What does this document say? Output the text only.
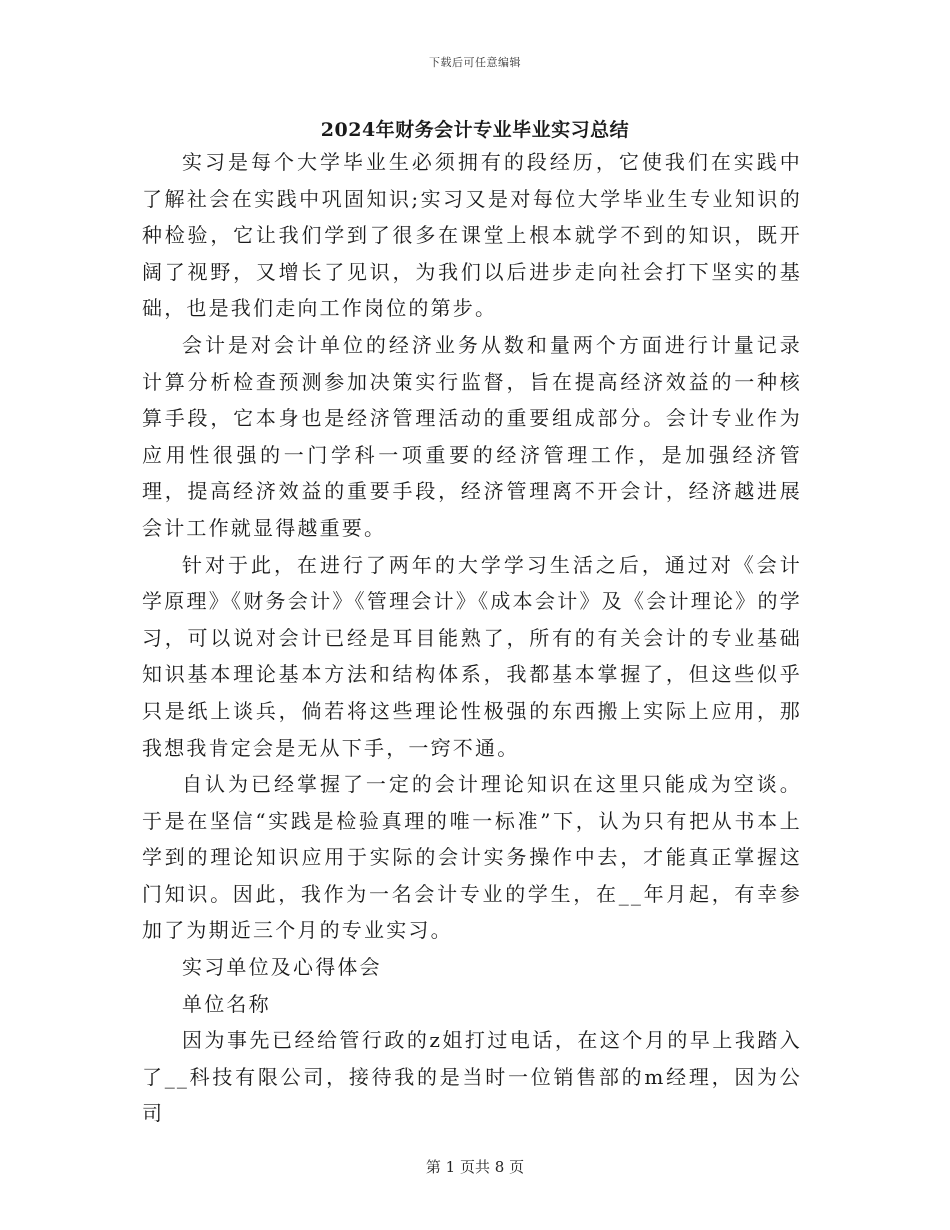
下载后可任意编辑
2024年财务会计专业毕业实习总结

实习是每个大学毕业生必须拥有的段经历，它使我们在实践中了解社会在实践中巩固知识;实习又是对每位大学毕业生专业知识的种检验，它让我们学到了很多在课堂上根本就学不到的知识，既开阔了视野，又增长了见识，为我们以后进步走向社会打下坚实的基础，也是我们走向工作岗位的第步。

会计是对会计单位的经济业务从数和量两个方面进行计量记录计算分析检查预测参加决策实行监督，旨在提高经济效益的一种核算手段，它本身也是经济管理活动的重要组成部分。会计专业作为应用性很强的一门学科一项重要的经济管理工作，是加强经济管理，提高经济效益的重要手段，经济管理离不开会计，经济越进展会计工作就显得越重要。

针对于此，在进行了两年的大学学习生活之后，通过对《会计学原理》《财务会计》《管理会计》《成本会计》及《会计理论》的学习，可以说对会计已经是耳目能熟了，所有的有关会计的专业基础知识基本理论基本方法和结构体系，我都基本掌握了，但这些似乎只是纸上谈兵，倘若将这些理论性极强的东西搬上实际上应用，那我想我肯定会是无从下手，一窍不通。

自认为已经掌握了一定的会计理论知识在这里只能成为空谈。于是在坚信“实践是检验真理的唯一标准”下，认为只有把从书本上学到的理论知识应用于实际的会计实务操作中去，才能真正掌握这门知识。因此，我作为一名会计专业的学生，在__年月起，有幸参加了为期近三个月的专业实习。

实习单位及心得体会

单位名称

因为事先已经给管行政的z姐打过电话，在这个月的早上我踏入了__科技有限公司，接待我的是当时一位销售部的m经理，因为公司

第 1 页共 8 页
